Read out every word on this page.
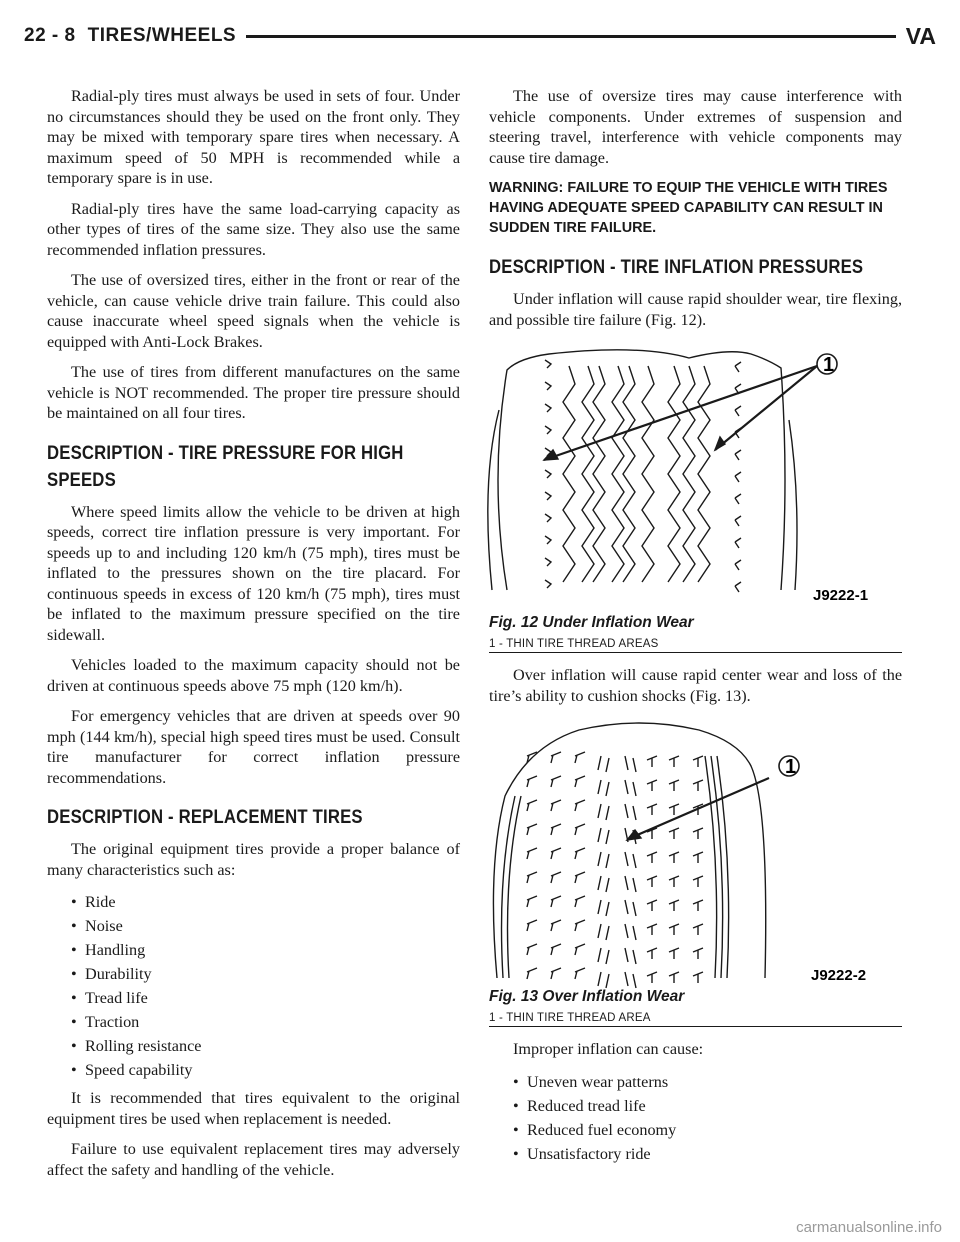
22 - 8 TIRES/WHEELS	VA

Radial-ply tires must always be used in sets of four. Under no circumstances should they be used on the front only. They may be mixed with temporary spare tires when necessary. A maximum speed of 50 MPH is recommended while a temporary spare is in use.

Radial-ply tires have the same load-carrying capacity as other types of tires of the same size. They also use the same recommended inflation pressures.

The use of oversized tires, either in the front or rear of the vehicle, can cause vehicle drive train failure. This could also cause inaccurate wheel speed signals when the vehicle is equipped with Anti-Lock Brakes.

The use of tires from different manufactures on the same vehicle is NOT recommended. The proper tire pressure should be maintained on all four tires.

DESCRIPTION - TIRE PRESSURE FOR HIGH SPEEDS

Where speed limits allow the vehicle to be driven at high speeds, correct tire inflation pressure is very important. For speeds up to and including 120 km/h (75 mph), tires must be inflated to the pressures shown on the tire placard. For continuous speeds in excess of 120 km/h (75 mph), tires must be inflated to the maximum pressure specified on the tire sidewall.

Vehicles loaded to the maximum capacity should not be driven at continuous speeds above 75 mph (120 km/h).

For emergency vehicles that are driven at speeds over 90 mph (144 km/h), special high speed tires must be used. Consult tire manufacturer for correct inflation pressure recommendations.

DESCRIPTION - REPLACEMENT TIRES

The original equipment tires provide a proper balance of many characteristics such as:

• Ride
• Noise
• Handling
• Durability
• Tread life
• Traction
• Rolling resistance
• Speed capability

It is recommended that tires equivalent to the original equipment tires be used when replacement is needed.

Failure to use equivalent replacement tires may adversely affect the safety and handling of the vehicle.

The use of oversize tires may cause interference with vehicle components. Under extremes of suspension and steering travel, interference with vehicle components may cause tire damage.

WARNING: FAILURE TO EQUIP THE VEHICLE WITH TIRES HAVING ADEQUATE SPEED CAPABILITY CAN RESULT IN SUDDEN TIRE FAILURE.
DESCRIPTION - TIRE INFLATION PRESSURES

Under inflation will cause rapid shoulder wear, tire flexing, and possible tire failure (Fig. 12).

1
J9222-1
Fig. 12 Under Inflation Wear
1 - THIN TIRE THREAD AREAS

Over inflation will cause rapid center wear and loss of the tire’s ability to cushion shocks (Fig. 13).

J9222-2
1
Fig. 13 Over Inflation Wear
1 - THIN TIRE THREAD AREA

Improper inflation can cause:

• Uneven wear patterns
• Reduced tread life
• Reduced fuel economy
• Unsatisfactory ride
carmanualsonline.info
